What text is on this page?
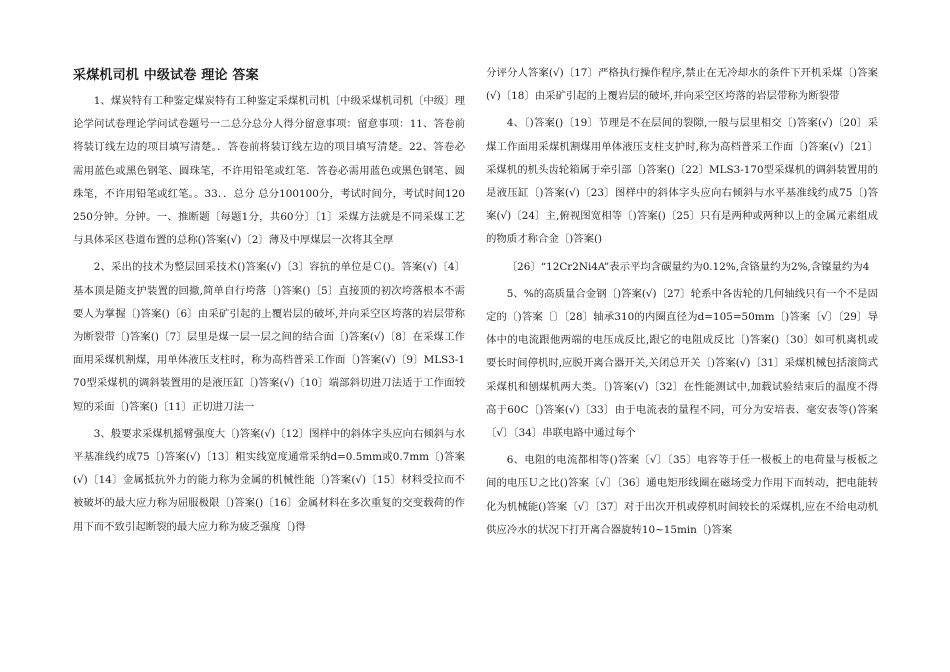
采煤机司机 中级试卷 理论 答案

1、煤炭特有工种鉴定煤炭特有工种鉴定采煤机司机〔中级采煤机司机〔中级〕理论学问试卷理论学问试卷题号一二总分总分人得分留意事项：留意事项：11、答卷前将装订线左边的项目填写清楚。．答卷前将装订线左边的项目填写清楚。22、答卷必需用蓝色或黑色钢笔、圆珠笔，不许用铅笔或红笔．答卷必需用蓝色或黑色钢笔、圆珠笔，不许用铅笔或红笔。。33．．总分 总分100100分，考试时间分，考试时间120250分钟。分钟。一、推断题〔每题1分，共60分〕〔1〕采煤方法就是不同采煤工艺与具体采区巷道布置的总称()答案(√)〔2〕薄及中厚煤层一次将其全厚

2、采出的技术为整层回采技术()答案(√)〔3〕容抗的单位是Ｃ()。答案(√)〔4〕基本顶是随支护装置的回撤,简单自行垮落〔)答案()〔5〕直接顶的初次垮落根本不需要人为掌握〔)答案()〔6〕由采矿引起的上覆岩层的破坏,并向采空区垮落的岩层带称为断裂带〔)答案()〔7〕层里是煤一层一层之间的结合面〔)答案(√)〔8〕在采煤工作面用采煤机割煤，用单体液压支柱时，称为高档普采工作面〔)答案(√)〔9〕MLS3-170型采煤机的调斜装置用的是液压缸〔)答案(√)〔10〕端部斜切进刀法适于工作面较短的采面〔)答案()〔11〕正切进刀法一

3、般要求采煤机摇臂强度大〔)答案(√)〔12〕图样中的斜体字头应向右倾斜与水平基准线约成75〔)答案(√)〔13〕粗实线宽度通常采纳d=0.5mm或0.7mm〔)答案(√)〔14〕金属抵抗外力的能力称为金属的机械性能〔)答案(√)〔15〕材料受拉而不被破坏的最大应力称为屈服极限〔)答案()〔16〕金属材料在多次重复的交变载荷的作用下而不致引起断裂的最大应力称为疲乏强度〔)得

分评分人答案(√)〔17〕严格执行操作程序,禁止在无冷却水的条件下开机采煤〔)答案(√)〔18〕由采矿引起的上覆岩层的破坏,并向采空区垮落的岩层带称为断裂带

4、〔)答案()〔19〕节理是不在层间的裂隙,一般与层里相交〔)答案(√)〔20〕采煤工作面用采煤机割煤用单体液压支柱支护时,称为高档普采工作面〔)答案(√)〔21〕采煤机的机头齿轮箱属于牵引部〔)答案()〔22〕MLS3-170型采煤机的调斜装置用的是液压缸〔)答案(√)〔23〕图样中的斜体字头应向右倾斜与水平基准线约成75〔)答案(√)〔24〕主,俯视图宽相等〔)答案()〔25〕只有是两种或两种以上的金属元素组成的物质才称合金〔)答案()

〔26〕“12Cr2Ni4A”表示平均含碳量约为0.12%,含铬量约为2%,含镍量约为4

5、%的高质量合金钢〔)答案(√)〔27〕轮系中各齿轮的几何轴线只有一个不是固定的〔)答案〔〕〔28〕轴承310的内圈直径为d=105=50mm〔)答案〔√〕〔29〕导体中的电流跟他两端的电压成反比,跟它的电阻成反比〔)答案()〔30〕如可机离机或要长时间停机时,应脱开离合器开关,关闭总开关〔)答案(√)〔31〕采煤机械包括滚筒式采煤机和刨煤机两大类。〔)答案(√)〔32〕在性能测试中,加载试验结束后的温度不得高于60C〔)答案(√)〔33〕由于电流表的量程不同，可分为安培表、毫安表等()答案〔√〕〔34〕串联电路中通过每个

6、电阻的电流都相等()答案〔√〕〔35〕电容等于任一极板上的电荷量与板板之间的电压Ｕ之比()答案〔√〕〔36〕通电矩形线圈在磁场受力作用下而转动，把电能转化为机械能()答案〔√〕〔37〕对于出次开机或停机时间较长的采煤机,应在不给电动机供应冷水的状况下打开离合器旋转10~15min〔)答案
